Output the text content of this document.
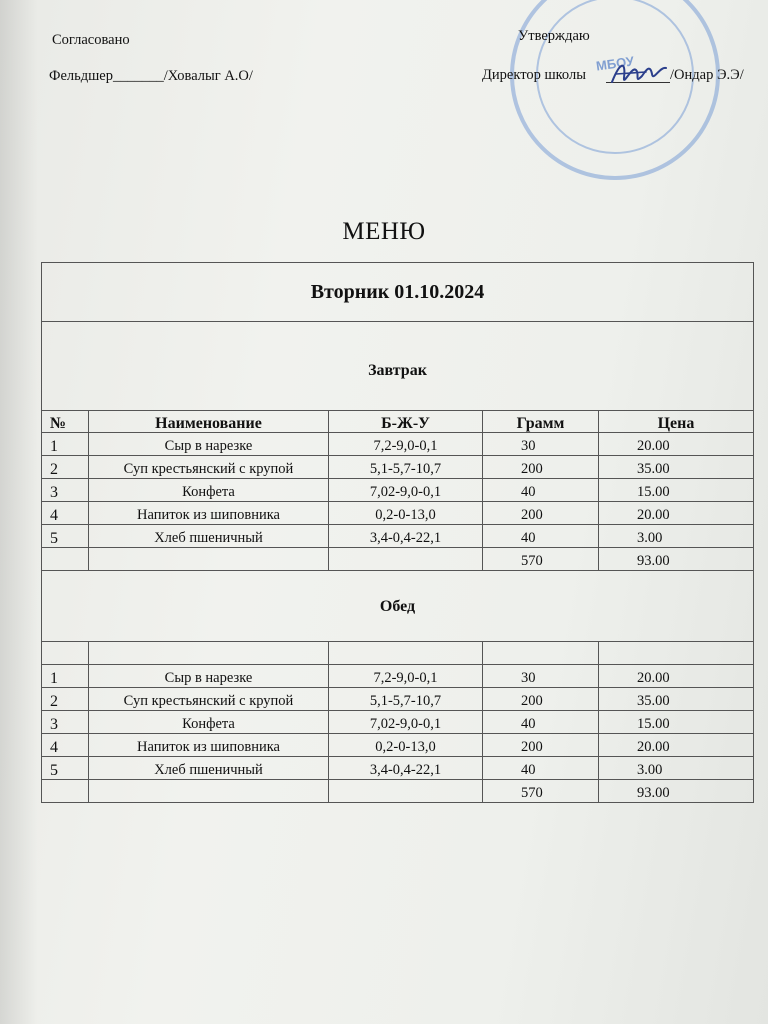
МБОУ
Согласовано
Фельдшер_______/Ховалыг А.О/
Утверждаю
Директор школы	/Ондар Э.Э/
МЕНЮ
Вторник 01.10.2024				
Завтрак				
№	Наименование	Б-Ж-У	Грамм	Цена
1	Сыр в нарезке	7,2-9,0-0,1	30	20.00
2	Суп крестьянский с крупой	5,1-5,7-10,7	200	35.00
3	Конфета	7,02-9,0-0,1	40	15.00
4	Напиток из шиповника	0,2-0-13,0	200	20.00
5	Хлеб пшеничный	3,4-0,4-22,1	40	3.00
			570	93.00
Обед				

1	Сыр в нарезке	7,2-9,0-0,1	30	20.00
2	Суп крестьянский с крупой	5,1-5,7-10,7	200	35.00
3	Конфета	7,02-9,0-0,1	40	15.00
4	Напиток из шиповника	0,2-0-13,0	200	20.00
5	Хлеб пшеничный	3,4-0,4-22,1	40	3.00
			570	93.00
